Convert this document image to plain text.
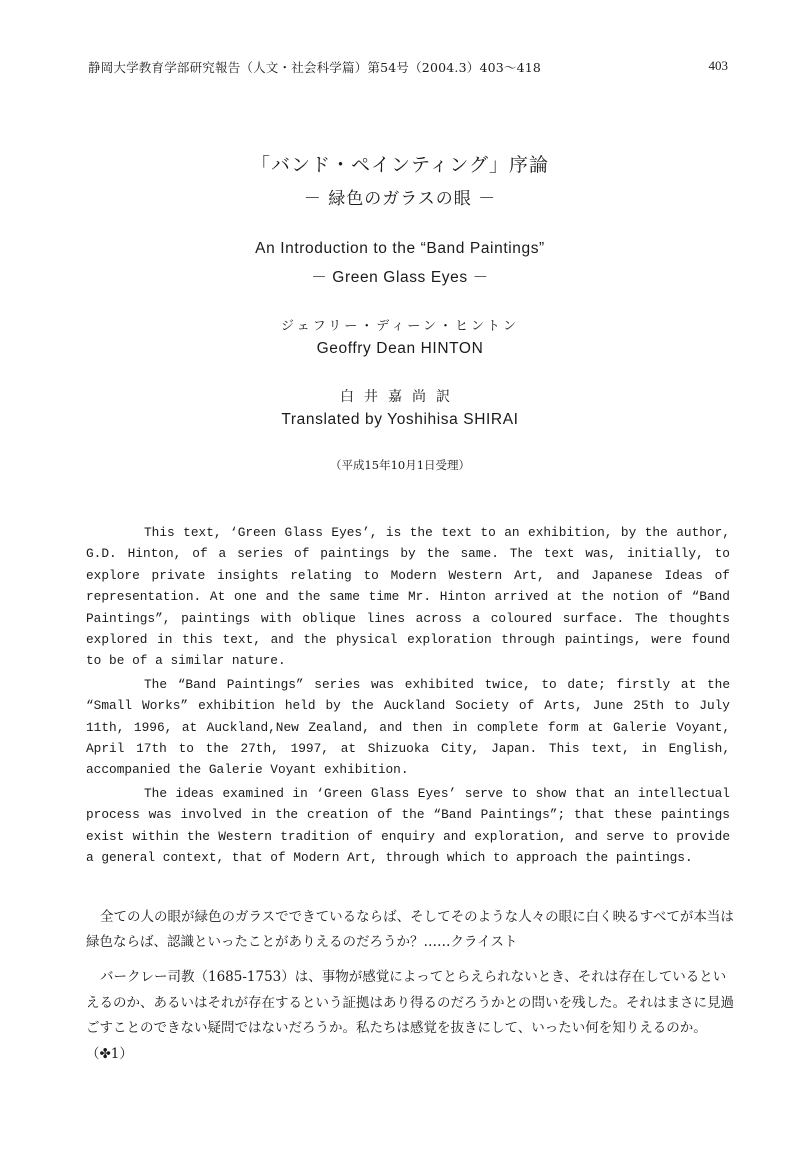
静岡大学教育学部研究報告（人文・社会科学篇）第54号（2004.3）403〜418	403
「バンド・ペインティング」序論
－ 緑色のガラスの眼 －
An Introduction to the “Band Paintings”
－ Green Glass Eyes －
ジェフリー・ディーン・ヒントン
Geoffry Dean HINTON
白井嘉尚訳
Translated by Yoshihisa SHIRAI
（平成15年10月1日受理）

This text, ‘Green Glass Eyes’, is the text to an exhibition, by the author, G.D. Hinton, of a series of paintings by the same. The text was, initially, to explore private insights relating to Modern Western Art, and Japanese Ideas of representation. At one and the same time Mr. Hinton arrived at the notion of “Band Paintings”, paintings with oblique lines across a coloured surface. The thoughts explored in this text, and the physical exploration through paintings, were found to be of a similar nature.

The “Band Paintings” series was exhibited twice, to date; firstly at the “Small Works” exhibition held by the Auckland Society of Arts, June 25th to July 11th, 1996, at Auckland,New Zealand, and then in complete form at Galerie Voyant, April 17th to the 27th, 1997, at Shizuoka City, Japan. This text, in English, accompanied the Galerie Voyant exhibition.

The ideas examined in ‘Green Glass Eyes’ serve to show that an intellectual process was involved in the creation of the “Band Paintings”; that these paintings exist within the Western tradition of enquiry and exploration, and serve to provide a general context, that of Modern Art, through which to approach the paintings.

全ての人の眼が緑色のガラスでできているならば、そしてそのような人々の眼に白く映るすべてが本当は緑色ならば、認識といったことがありえるのだろうか？……クライスト

バークレー司教（1685-1753）は、事物が感覚によってとらえられないとき、それは存在しているといえるのか、あるいはそれが存在するという証拠はあり得るのだろうかとの問いを残した。それはまさに見過ごすことのできない疑問ではないだろうか。私たちは感覚を抜きにして、いったい何を知りえるのか。（✤1）
